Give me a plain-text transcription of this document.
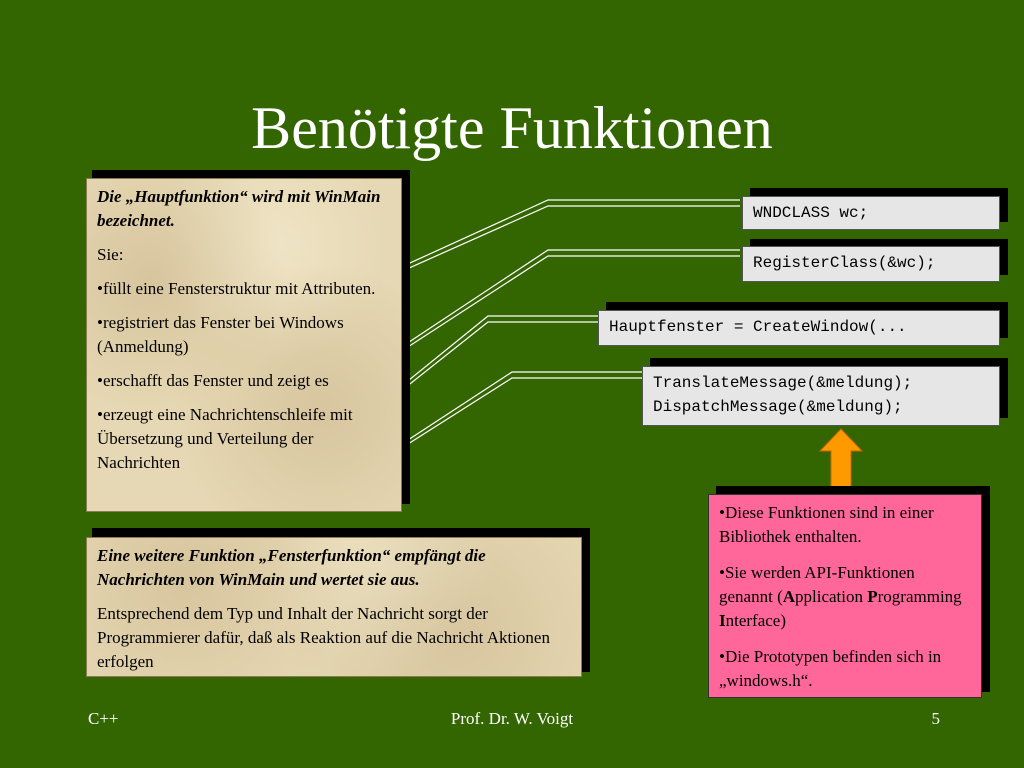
Benötigte Funktionen

Die „Hauptfunktion“ wird mit WinMain bezeichnet.

Sie:

•füllt eine Fensterstruktur mit Attributen.

•registriert das Fenster bei Windows (Anmeldung)

•erschafft das Fenster und zeigt es

•erzeugt eine Nachrichtenschleife mit Übersetzung und Verteilung der Nachrichten

Eine weitere Funktion „Fensterfunktion“ empfängt die Nachrichten von WinMain und wertet sie aus.

Entsprechend dem Typ und Inhalt der Nachricht sorgt der Programmierer dafür, daß als Reaktion auf die Nachricht Aktionen erfolgen

WNDCLASS wc;
RegisterClass(&wc);
Hauptfenster = CreateWindow(...
TranslateMessage(&meldung);
DispatchMessage(&meldung);

•Diese Funktionen sind in einer Bibliothek enthalten.

•Sie werden API-Funktionen genannt (Application Programming Interface)

•Die Prototypen befinden sich in „windows.h“.

C++	Prof. Dr. W. Voigt	5
